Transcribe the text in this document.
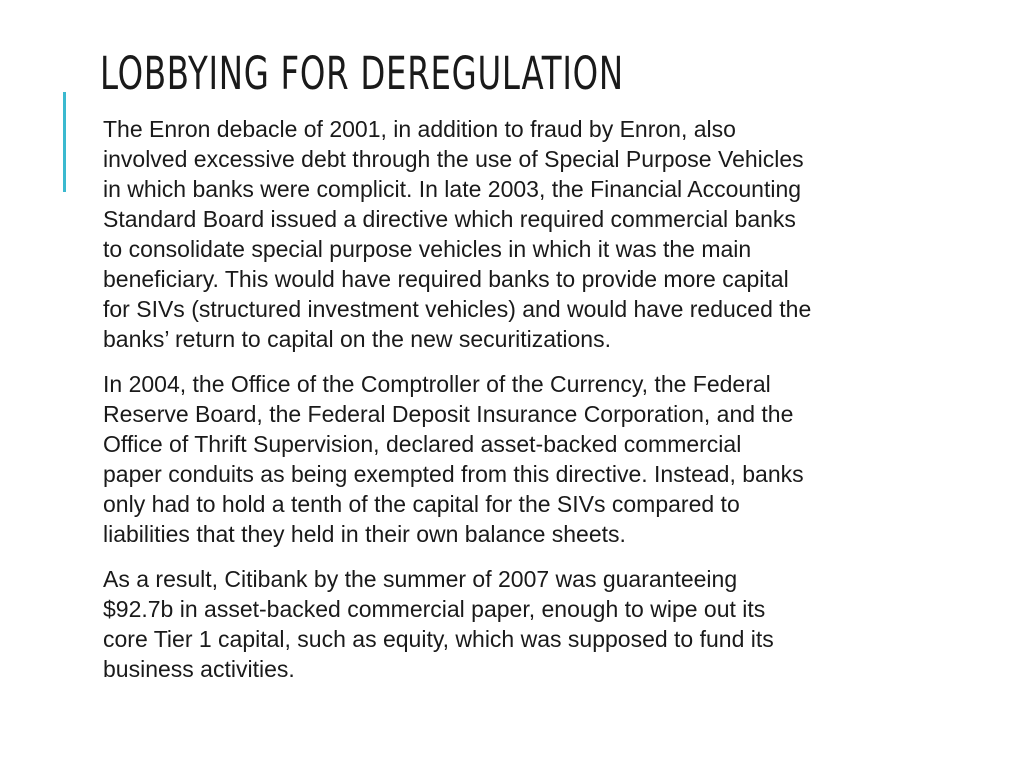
LOBBYING FOR DEREGULATION

The Enron debacle of 2001, in addition to fraud by Enron, also
involved excessive debt through the use of Special Purpose Vehicles
in which banks were complicit. In late 2003, the Financial Accounting
Standard Board issued a directive which required commercial banks
to consolidate special purpose vehicles in which it was the main
beneficiary. This would have required banks to provide more capital
for SIVs (structured investment vehicles) and would have reduced the
banks’ return to capital on the new securitizations.

In 2004, the Office of the Comptroller of the Currency, the Federal
Reserve Board, the Federal Deposit Insurance Corporation, and the
Office of Thrift Supervision, declared asset-backed commercial
paper conduits as being exempted from this directive. Instead, banks
only had to hold a tenth of the capital for the SIVs compared to
liabilities that they held in their own balance sheets.

As a result, Citibank by the summer of 2007 was guaranteeing
$92.7b in asset-backed commercial paper, enough to wipe out its
core Tier 1 capital, such as equity, which was supposed to fund its
business activities.
